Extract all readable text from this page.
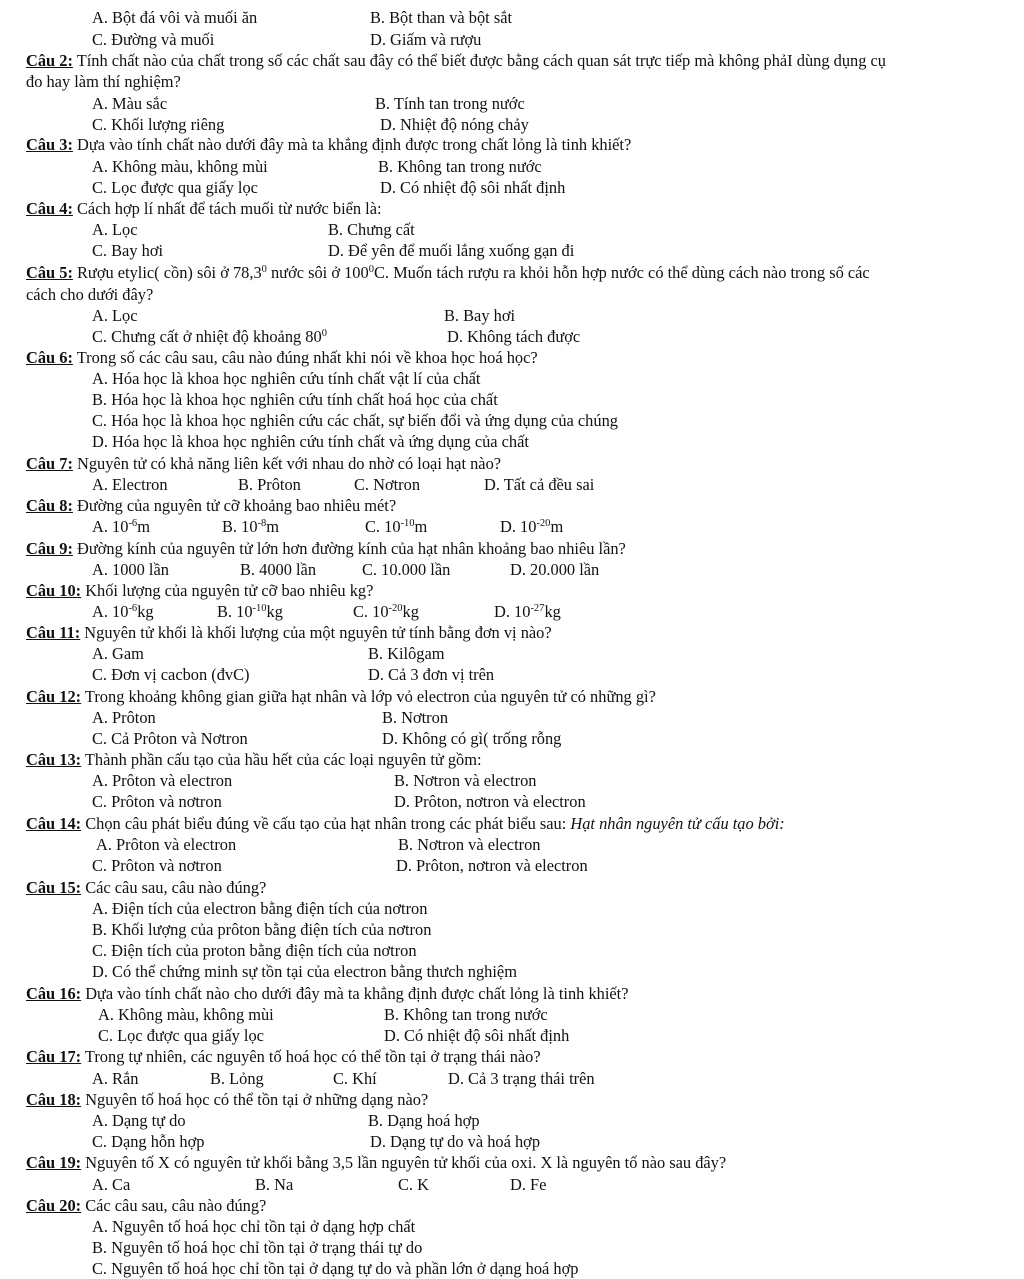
A. Bột đá vôi và muối ăn	B. Bột than và bột sắt
C. Đường và muối	D. Giấm và rượu
Câu 2: Tính chất nào của chất trong số các chất sau đây có thể biết được bằng cách quan sát trực tiếp mà không phảI dùng dụng cụ
đo hay làm thí nghiệm?
A. Màu sắc	B. Tính tan trong nước
C. Khối lượng riêng	D. Nhiệt độ nóng chảy
Câu 3: Dựa vào tính chất nào dưới đây mà ta khẳng định được trong chất lỏng là tinh khiết?
A. Không màu, không mùi	B. Không tan trong nước
C. Lọc được qua giấy lọc	D. Có nhiệt độ sôi nhất định
Câu 4: Cách hợp lí nhất để tách muối từ nước biển là:
A. Lọc	B. Chưng cất
C. Bay hơi	D. Để yên để muối lắng xuống gạn đi
Câu 5: Rượu etylic( cồn) sôi ở 78,3$^0$ nước sôi ở $100^0C$. Muốn tách rượu ra khỏi hỗn hợp nước có thể dùng cách nào trong số các
cách cho dưới đây?
A. Lọc	B. Bay hơi
C. Chưng cất ở nhiệt độ khoảng $80^0$	D. Không tách được
Câu 6: Trong số các câu sau, câu nào đúng nhất khi nói về khoa học hoá học?
A. Hóa học là khoa học nghiên cứu tính chất vật lí của chất
B. Hóa học là khoa học nghiên cứu tính chất hoá học của chất
C. Hóa học là khoa học nghiên cứu các chất, sự biến đổi và ứng dụng của chúng
D. Hóa học là khoa học nghiên cứu tính chất và ứng dụng của chất
Câu 7: Nguyên tử có khả năng liên kết với nhau do nhờ có loại hạt nào?
A. Electron	B. Prôton	C. Nơtron	D. Tất cả đều sai
Câu 8: Đường của nguyên tử cỡ khoảng bao nhiêu mét?
A. $10^{-6}m$	B. $10^{-8}m$	C. $10^{-10}m$	D. $10^{-20}m$
Câu 9: Đường kính của nguyên tử lớn hơn đường kính của hạt nhân khoảng bao nhiêu lần?
A. 1000 lần	B. 4000 lần	C. 10.000 lần	D. 20.000 lần
Câu 10: Khối lượng của nguyên tử cỡ bao nhiêu kg?
A. $10^{-6}kg$	B. $10^{-10}kg$	C. $10^{-20}kg$	D. $10^{-27}kg$
Câu 11: Nguyên tử khối là khối lượng của một nguyên tử tính bằng đơn vị nào?
A. Gam	B. Kilôgam
C. Đơn vị cacbon (đvC)	D. Cả 3 đơn vị trên
Câu 12: Trong khoảng không gian giữa hạt nhân và lớp vỏ electron của nguyên tử có những gì?
A. Prôton	B. Nơtron
C. Cả Prôton và Nơtron	D. Không có gì( trống rỗng
Câu 13: Thành phần cấu tạo của hầu hết của các loại nguyên tử gồm:
A. Prôton và electron	B. Nơtron và electron
C. Prôton và nơtron	D. Prôton, nơtron và electron
Câu 14: Chọn câu phát biểu đúng về cấu tạo của hạt nhân trong các phát biểu sau: Hạt nhân nguyên tử cấu tạo bởi:
A. Prôton và electron	B. Nơtron và electron
C. Prôton và nơtron	D. Prôton, nơtron và electron
Câu 15: Các câu sau, câu nào đúng?
A. Điện tích của electron bằng điện tích của nơtron
B. Khối lượng của prôton bằng điện tích của nơtron
C. Điện tích của proton bằng điện tích của nơtron
D. Có thể chứng minh sự tồn tại của electron bằng thưch nghiệm
Câu 16: Dựa vào tính chất nào cho dưới đây mà ta khẳng định được chất lỏng là tinh khiết?
A. Không màu, không mùi	B. Không tan trong nước
C. Lọc được qua giấy lọc	D. Có nhiệt độ sôi nhất định
Câu 17: Trong tự nhiên, các nguyên tố hoá học có thể tồn tại ở trạng thái nào?
A. Rắn	B. Lỏng	C. Khí	D. Cả 3 trạng thái trên
Câu 18: Nguyên tố hoá học có thể tồn tại ở những dạng nào?
A. Dạng tự do	B. Dạng hoá hợp
C. Dạng hỗn hợp	D. Dạng tự do và hoá hợp
Câu 19: Nguyên tố X có nguyên tử khối bằng 3,5 lần nguyên tử khối của oxi. X là nguyên tố nào sau đây?
A. Ca	B. Na	C. K	D. Fe
Câu 20: Các câu sau, câu nào đúng?
A. Nguyên tố hoá học chỉ tồn tại ở dạng hợp chất
B. Nguyên tố hoá học chỉ tồn tại ở trạng thái tự do
C. Nguyên tố hoá học chỉ tồn tại ở dạng tự do và phần lớn ở dạng hoá hợp
